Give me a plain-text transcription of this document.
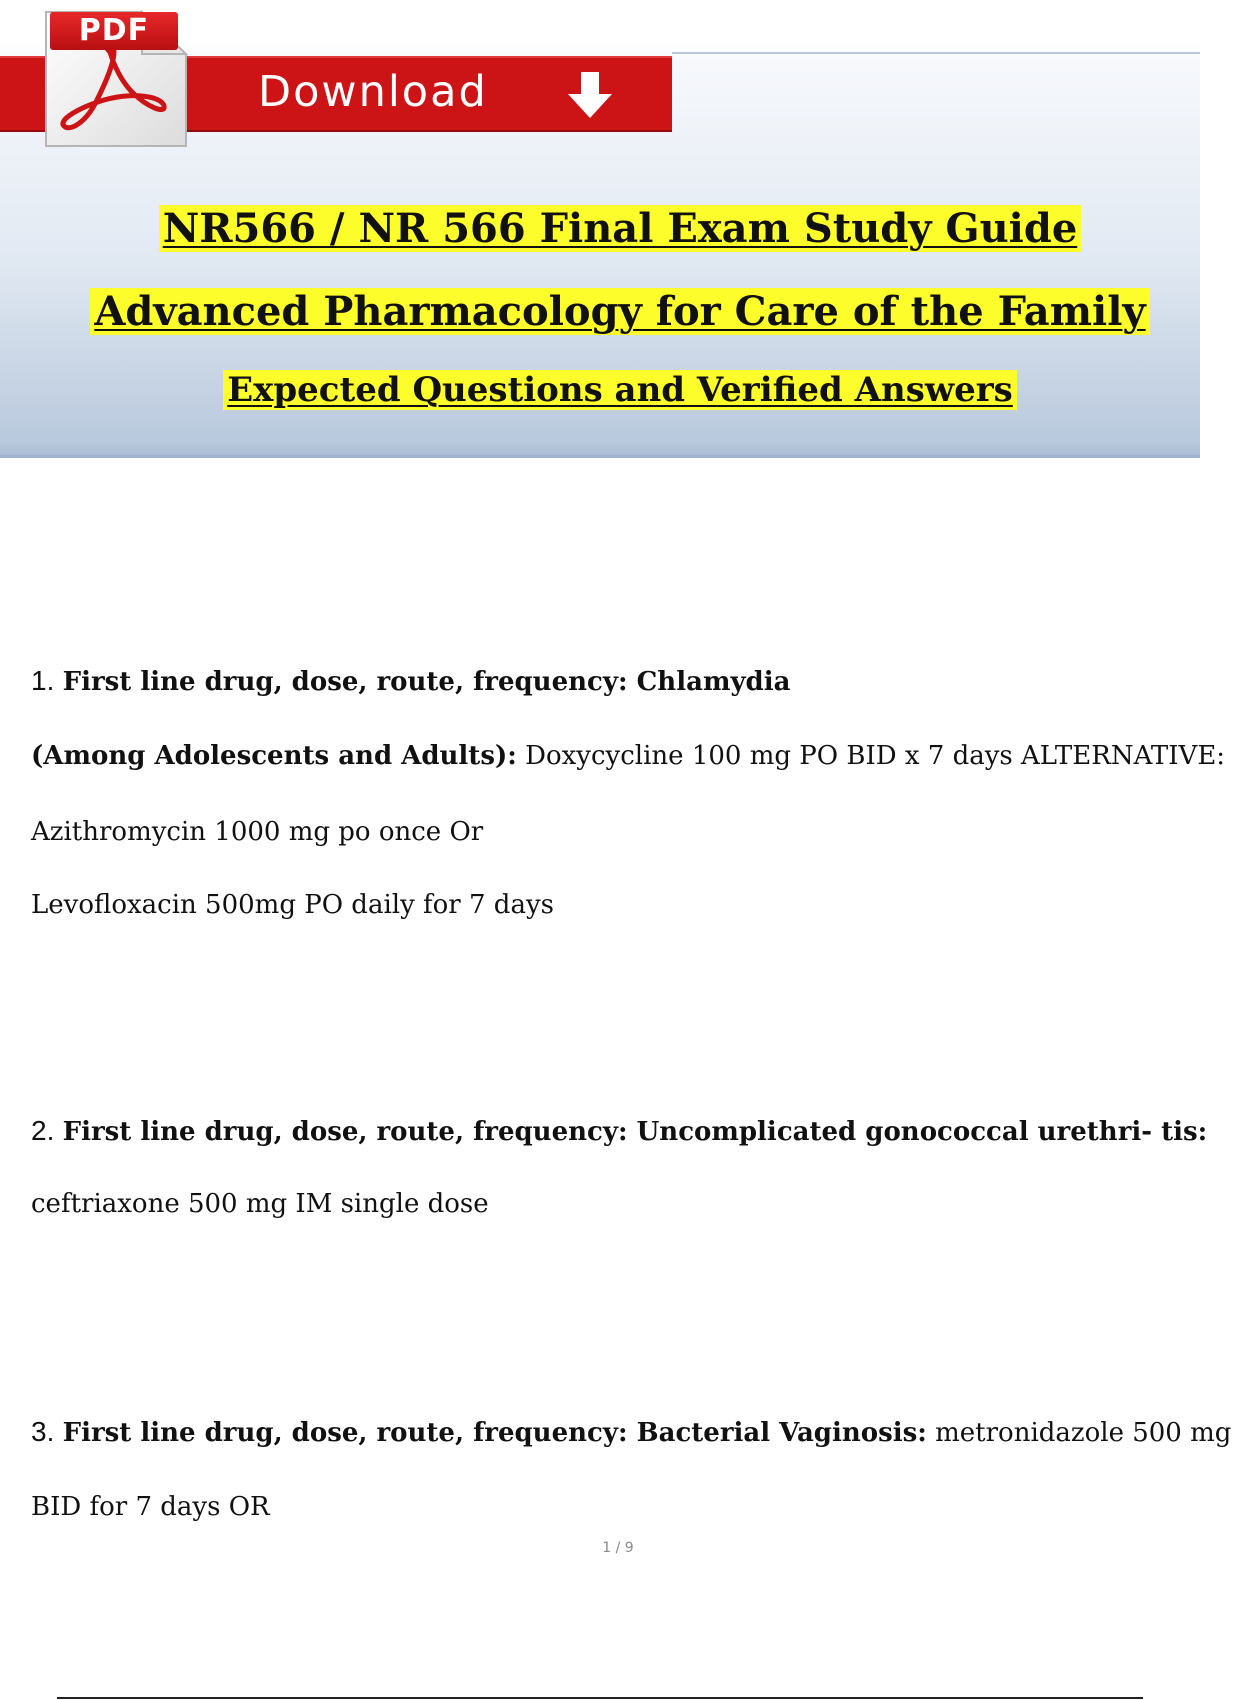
Download
PDF
NR566 / NR 566 Final Exam Study Guide
Advanced Pharmacology for Care of the Family
Expected Questions and Verified Answers
1. First line drug, dose, route, frequency: Chlamydia
(Among Adolescents and Adults): Doxycycline 100 mg PO BID x 7 days ALTERNATIVE:
Azithromycin 1000 mg po once Or
Levofloxacin 500mg PO daily for 7 days
2. First line drug, dose, route, frequency: Uncomplicated gonococcal urethri- tis:
ceftriaxone 500 mg IM single dose
3. First line drug, dose, route, frequency: Bacterial Vaginosis: metronidazole 500 mg
BID for 7 days OR
1 / 9
